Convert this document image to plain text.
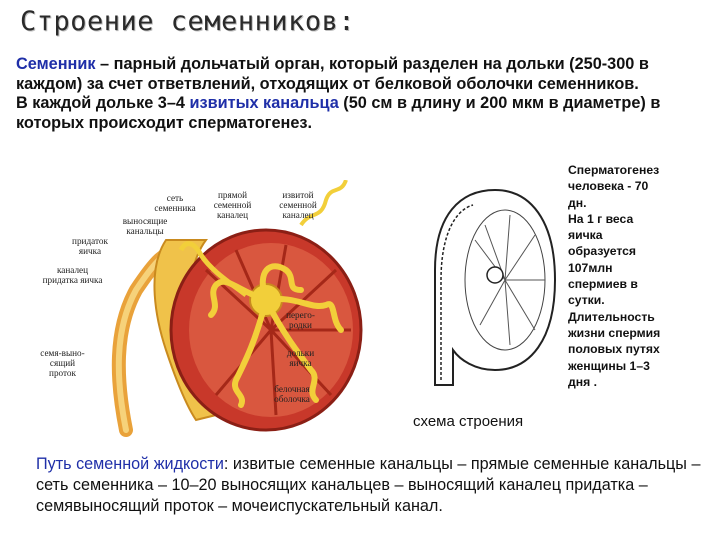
Строение семенников:
Семенник – парный дольчатый орган, который разделен на дольки (250-300 в каждом) за счет ответвлений, отходящих от белковой оболочки семенников.
В каждой дольке 3–4 извитых канальца (50 см в длину и 200 мкм в диаметре) в которых происходит сперматогенез.
сеть семенника
прямой семенной каналец
извитой семенной каналец
выносящие канальцы
придаток яичка
каналец придатка яичка
перего-родки
дольки яичка
семя-выно-сящий проток
белочная оболочка
Сперматогенез
человека - 70
дн.
На 1 г веса
яичка
образуется
107млн
спермиев в
сутки.
Длительность
жизни спермия
половых путях
женщины 1–3
дня .
схема строения
Путь семенной жидкости: извитые семенные канальцы – прямые семенные канальцы – сеть семенника – 10–20 выносящих канальцев – выносящий каналец придатка – семявыносящий проток – мочеиспускательный канал.
